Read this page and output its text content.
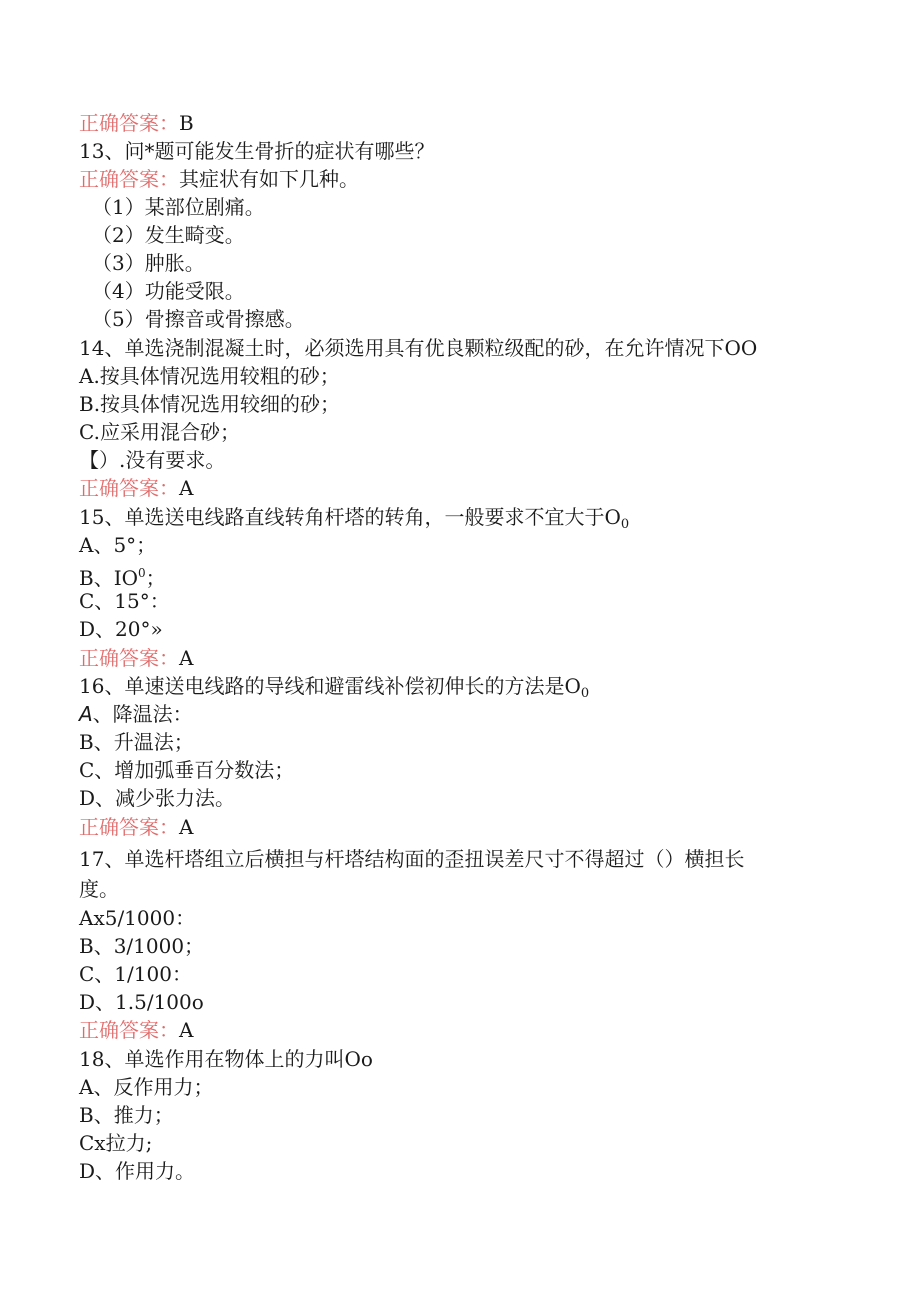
正确答案：B
13、问*题可能发生骨折的症状有哪些？
正确答案：其症状有如下几种。
（1）某部位剧痛。
（2）发生畸变。
（3）肿胀。
（4）功能受限。
（5）骨擦音或骨擦感。
14、单选浇制混凝土时，必须选用具有优良颗粒级配的砂，在允许情况下OO
A.按具体情况选用较粗的砂；
B.按具体情况选用较细的砂；
C.应采用混合砂；
【）.没有要求。
正确答案：A
15、单选送电线路直线转角杆塔的转角，一般要求不宜大于$O_0$
A、5°；
B、$IO^0$；
C、15°：
D、20°»
正确答案：A
16、单速送电线路的导线和避雷线补偿初伸长的方法是$O_0$
A、降温法：
B、升温法；
C、增加弧垂百分数法；
D、减少张力法。
正确答案：A
17、单选杆塔组立后横担与杆塔结构面的歪扭误差尺寸不得超过（）横担长
度。
Ax5/1000：
B、3/1000；
C、1/100：
D、1.5/100o
正确答案：A
18、单选作用在物体上的力叫Oo
A、反作用力；
B、推力；
Cx拉力;
D、作用力。
